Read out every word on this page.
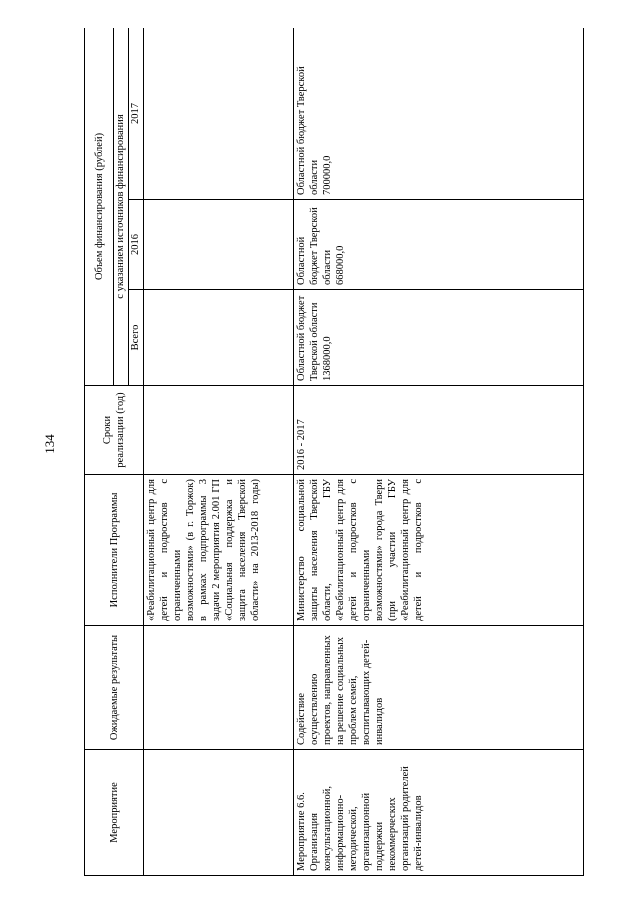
134
Мероприятие	Ожидаемые результаты	Исполнители Программы	Сроки реализации (год)	Объем финансирования (рублей)		
				с указанием источников финансирования		
				Всего	2016	2017
		«Реабилитационный центр для детей и подростков с ограниченными возможностями» (в г. Торжок) в рамках подпрограммы 3 задачи 2 мероприятия 2.001 ГП «Социальная поддержка и защита населения Тверской области» на 2013-2018 годы)				
Мероприятие 6.6. Организация консультационной, информационно-методической, организационной поддержки некоммерческих организаций родителей детей-инвалидов	Содействие осуществлению проектов, направленных на решение социальных проблем семей, воспитывающих детей-инвалидов	Министерство социальной защиты населения Тверской области, ГБУ «Реабилитационный центр для детей и подростков с ограниченными возможностями» города Твери (при участии ГБУ «Реабилитационный центр для детей и подростков с	2016 - 2017	Областной бюджет Тверской области 1368000,0	Областной бюджет Тверской области 668000,0	Областной бюджет Тверской области 700000,0
